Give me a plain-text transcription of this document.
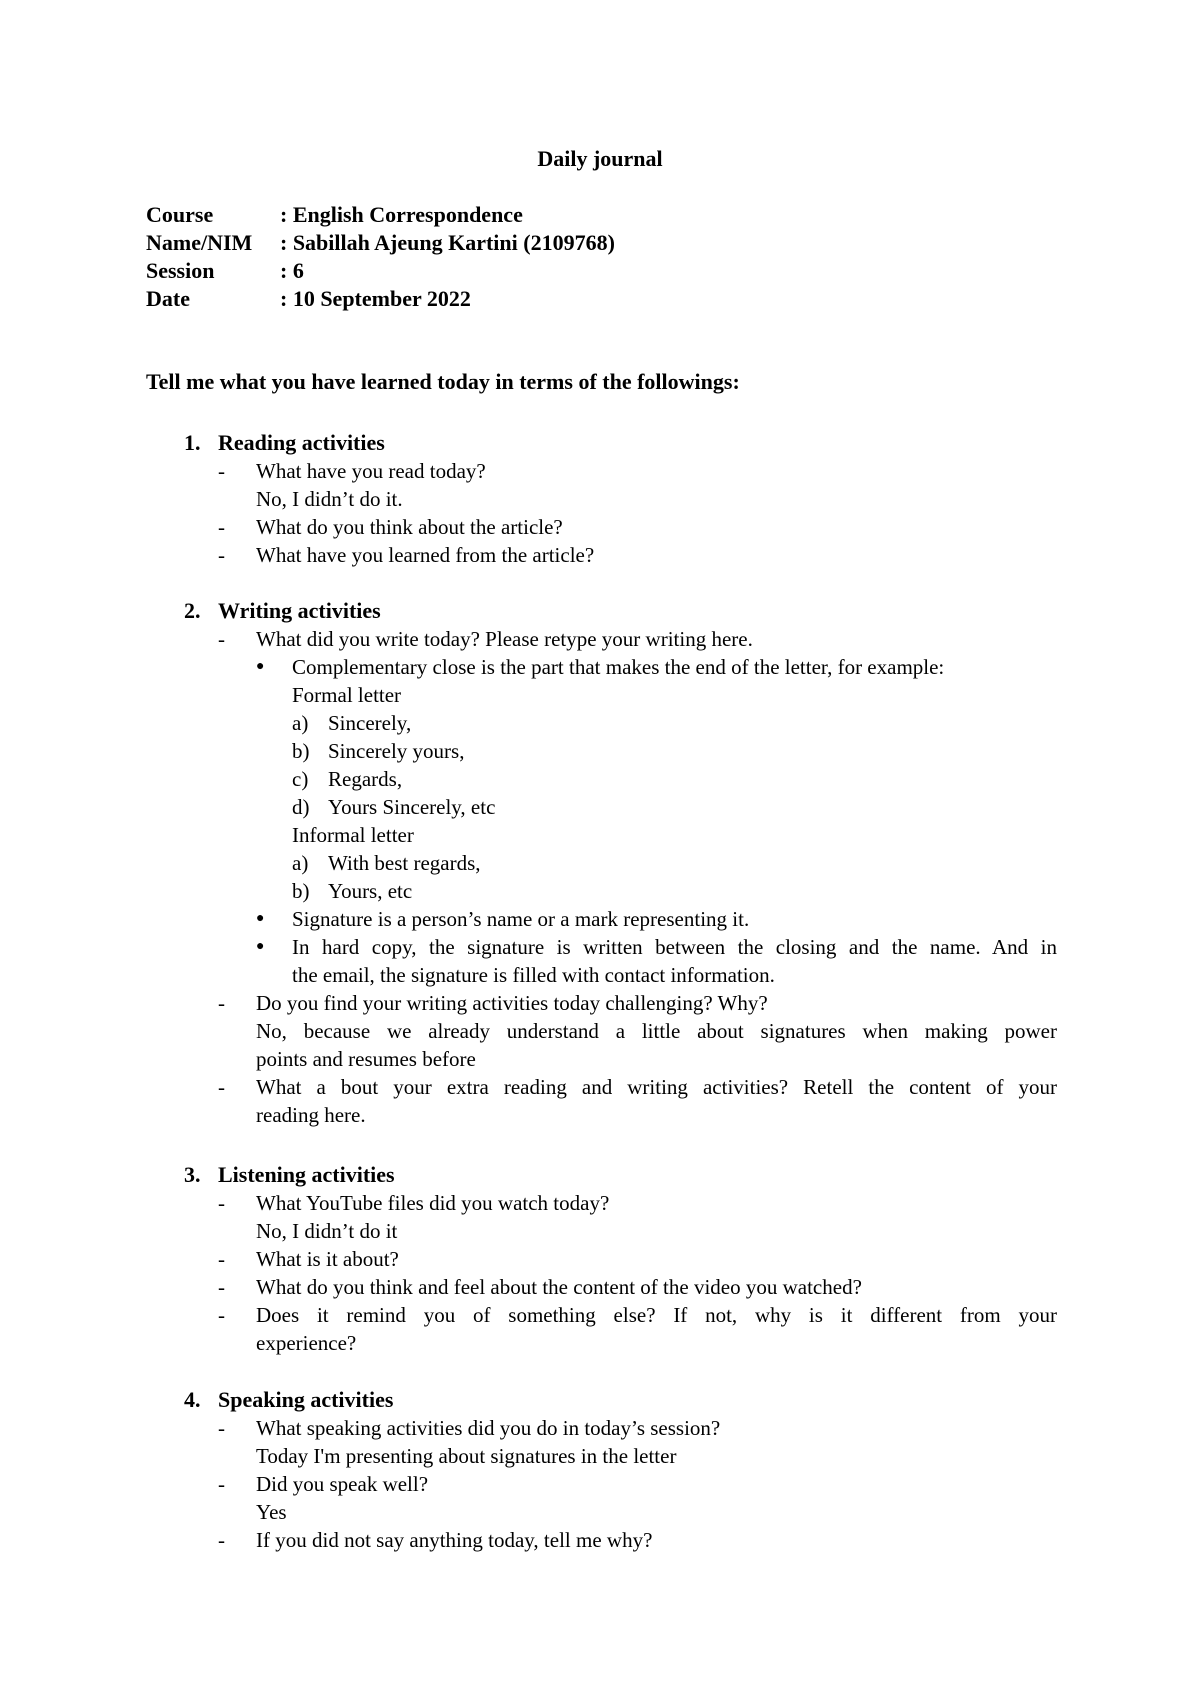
Daily journal
Course	: English Correspondence
Name/NIM	: Sabillah Ajeung Kartini (2109768)
Session	: 6
Date	: 10 September 2022
Tell me what you have learned today in terms of the followings:
1. Reading activities
- What have you read today?
No, I didn’t do it.
- What do you think about the article?
- What have you learned from the article?
2. Writing activities
- What did you write today? Please retype your writing here.
● Complementary close is the part that makes the end of the letter, for example:
Formal letter
a) Sincerely,
b) Sincerely yours,
c) Regards,
d) Yours Sincerely, etc
Informal letter
a) With best regards,
b) Yours, etc
● Signature is a person’s name or a mark representing it.
● In hard copy, the signature is written between the closing and the name. And in
the email, the signature is filled with contact information.
- Do you find your writing activities today challenging? Why?
No, because we already understand a little about signatures when making power
points and resumes before
- What a bout your extra reading and writing activities? Retell the content of your
reading here.
3. Listening activities
- What YouTube files did you watch today?
No, I didn’t do it
- What is it about?
- What do you think and feel about the content of the video you watched?
- Does it remind you of something else? If not, why is it different from your
experience?
4. Speaking activities
- What speaking activities did you do in today’s session?
Today I'm presenting about signatures in the letter
- Did you speak well?
Yes
- If you did not say anything today, tell me why?
